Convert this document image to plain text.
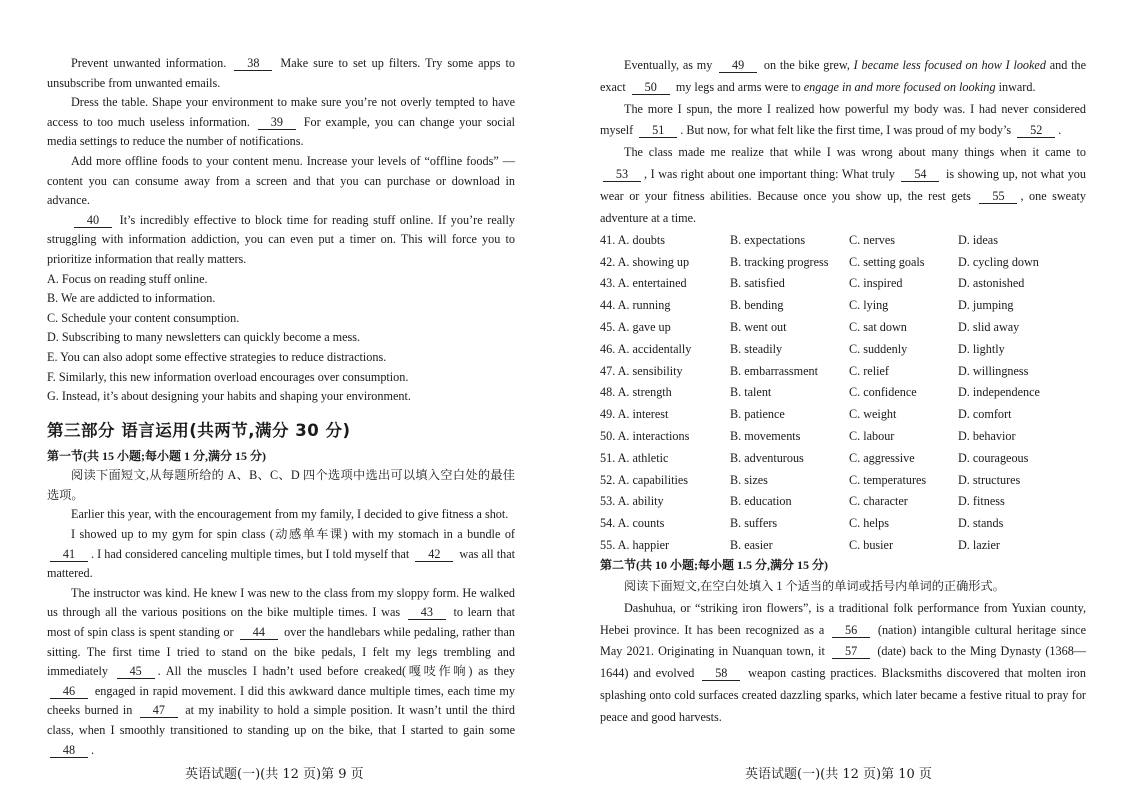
Prevent unwanted information. 38 Make sure to set up filters. Try some apps to unsubscribe from unwanted emails.

Dress the table. Shape your environment to make sure you’re not overly tempted to have access to too much useless information. 39 For example, you can change your social media settings to reduce the number of notifications.

Add more offline foods to your content menu. Increase your levels of “offline foods” — content you can consume away from a screen and that you can purchase or download in advance.

40 It’s incredibly effective to block time for reading stuff online. If you’re really struggling with information addiction, you can even put a timer on. This will force you to prioritize information that really matters.

A. Focus on reading stuff online.

B. We are addicted to information.

C. Schedule your content consumption.

D. Subscribing to many newsletters can quickly become a mess.

E. You can also adopt some effective strategies to reduce distractions.

F. Similarly, this new information overload encourages over consumption.

G. Instead, it’s about designing your habits and shaping your environment.

第三部分 语言运用(共两节,满分 30 分)
第一节(共 15 小题;每小题 1 分,满分 15 分)

阅读下面短文,从每题所给的 A、B、C、D 四个选项中选出可以填入空白处的最佳选项。

Earlier this year, with the encouragement from my family, I decided to give fitness a shot.

I showed up to my gym for spin class (动感单车课) with my stomach in a bundle of 41 . I had considered canceling multiple times, but I told myself that 42 was all that mattered.

The instructor was kind. He knew I was new to the class from my sloppy form. He walked us through all the various positions on the bike multiple times. I was 43 to learn that most of spin class is spent standing or 44 over the handlebars while pedaling, rather than sitting. The first time I tried to stand on the bike pedals, I felt my legs trembling and immediately 45 . All the muscles I hadn’t used before creaked(嘎吱作响) as they 46 engaged in rapid movement. I did this awkward dance multiple times, each time my cheeks burned in 47 at my inability to hold a simple position. It wasn’t until the third class, when I smoothly transitioned to standing up on the bike, that I started to gain some 48 .

英语试题(一)(共 12 页)第 9 页

Eventually, as my 49 on the bike grew, I became less focused on how I looked and the exact 50 my legs and arms were to engage in and more focused on looking inward.

The more I spun, the more I realized how powerful my body was. I had never considered myself 51 . But now, for what felt like the first time, I was proud of my body’s 52 .

The class made me realize that while I was wrong about many things when it came to 53 , I was right about one important thing: What truly 54 is showing up, not what you wear or your fitness abilities. Because once you show up, the rest gets 55 , one sweaty adventure at a time.

41. A. doubts	B. expectations	C. nerves	D. ideas
42. A. showing up	B. tracking progress	C. setting goals	D. cycling down
43. A. entertained	B. satisfied	C. inspired	D. astonished
44. A. running	B. bending	C. lying	D. jumping
45. A. gave up	B. went out	C. sat down	D. slid away
46. A. accidentally	B. steadily	C. suddenly	D. lightly
47. A. sensibility	B. embarrassment	C. relief	D. willingness
48. A. strength	B. talent	C. confidence	D. independence
49. A. interest	B. patience	C. weight	D. comfort
50. A. interactions	B. movements	C. labour	D. behavior
51. A. athletic	B. adventurous	C. aggressive	D. courageous
52. A. capabilities	B. sizes	C. temperatures	D. structures
53. A. ability	B. education	C. character	D. fitness
54. A. counts	B. suffers	C. helps	D. stands
55. A. happier	B. easier	C. busier	D. lazier
第二节(共 10 小题;每小题 1.5 分,满分 15 分)

阅读下面短文,在空白处填入 1 个适当的单词或括号内单词的正确形式。

Dashuhua, or “striking iron flowers”, is a traditional folk performance from Yuxian county, Hebei province. It has been recognized as a 56 (nation) intangible cultural heritage since May 2021. Originating in Nuanquan town, it 57 (date) back to the Ming Dynasty (1368—1644) and evolved 58 weapon casting practices. Blacksmiths discovered that molten iron splashing onto cold surfaces created dazzling sparks, which later became a festive ritual to pray for peace and good harvests.

英语试题(一)(共 12 页)第 10 页
